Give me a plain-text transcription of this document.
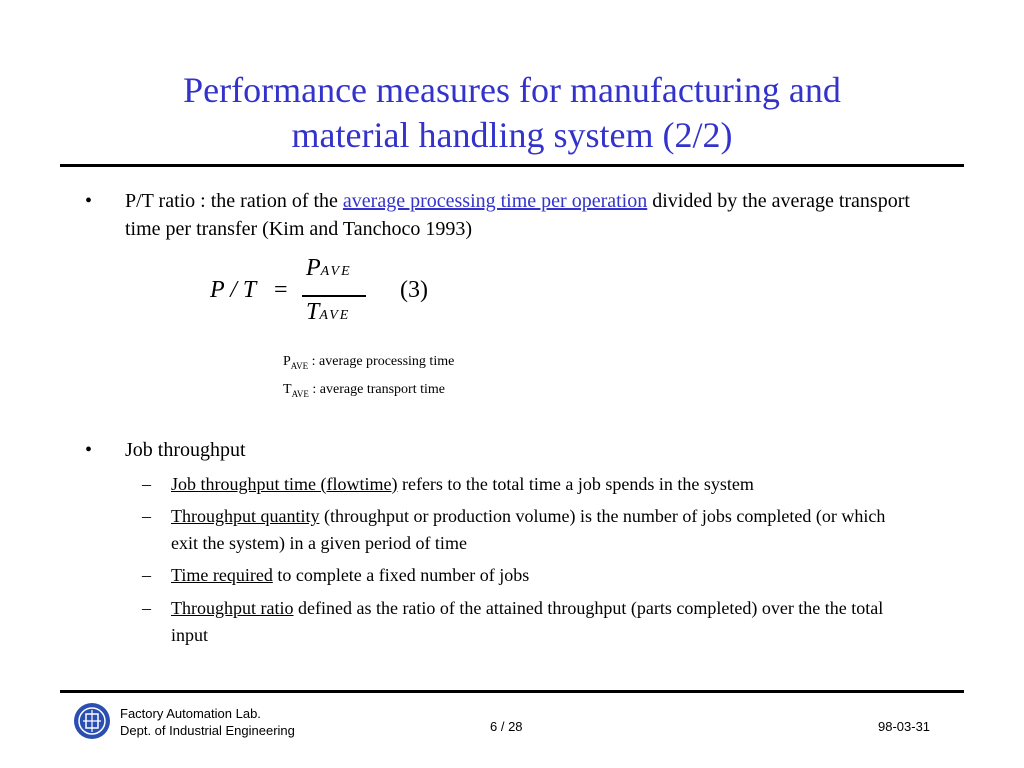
Performance measures for manufacturing and
material handling system (2/2)
• P/T ratio : the ration of the average processing time per operation divided by the average transport time per transfer (Kim and Tanchoco 1993)
P / T =
PAVE
TAVE
(3)
$P_{AVE}$ : average processing time
$T_{AVE}$ : average transport time
• Job throughput
– Job throughput time (flowtime) refers to the total time a job spends in the system
– Throughput quantity (throughput or production volume) is the number of jobs completed (or which exit the system) in a given period of time
– Time required to complete a fixed number of jobs
– Throughput ratio defined as the ratio of the attained throughput (parts completed) over the the total input
Factory Automation Lab.
Dept. of Industrial Engineering	6 / 28	98-03-31
